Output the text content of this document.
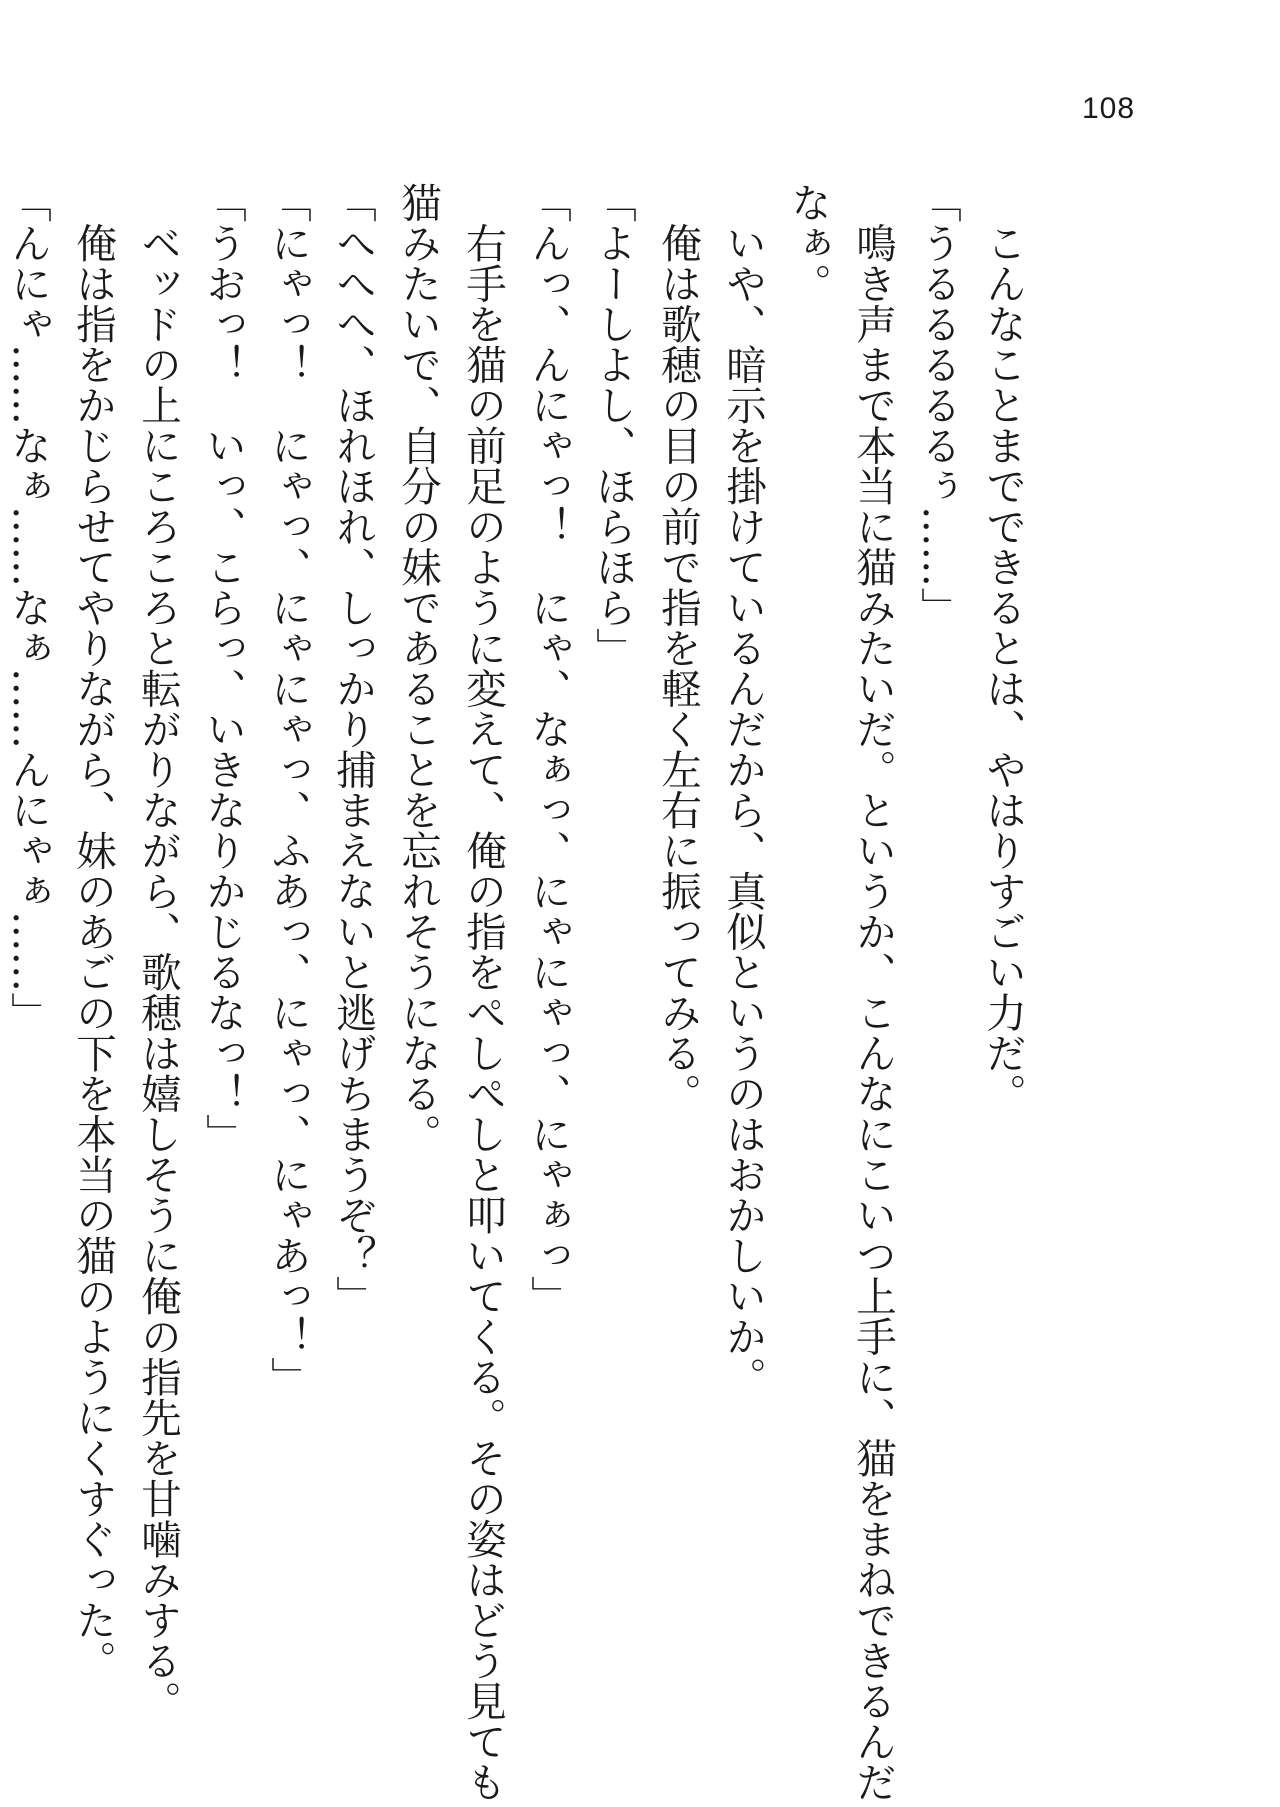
108
　こんなことまでできるとは、やはりすごい力だ。
「うるるるるるぅ……」
　鳴き声まで本当に猫みたいだ。というか、こんなにこいつ上手に、猫をまねできるんだ
なぁ。
　いや、暗示を掛けているんだから、真似というのはおかしいか。
　俺は歌穂の目の前で指を軽く左右に振ってみる。
「よーしよし、ほらほら」
「んっ、んにゃっ！　にゃ、なぁっ、にゃにゃっ、にゃぁっ」
　右手を猫の前足のように変えて、俺の指をぺしぺしと叩いてくる。その姿はどう見ても
猫みたいで、自分の妹であることを忘れそうになる。
「へへへ、ほれほれ、しっかり捕まえないと逃げちまうぞ？」
「にゃっ！　にゃっ、にゃにゃっ、ふあっ、にゃっ、にゃあっ！」
「うおっ！　いっ、こらっ、いきなりかじるなっ！」
　ベッドの上にころころと転がりながら、歌穂は嬉しそうに俺の指先を甘噛みする。
　俺は指をかじらせてやりながら、妹のあごの下を本当の猫のようにくすぐった。
「んにゃ……なぁ……なぁ……んにゃぁ……」
